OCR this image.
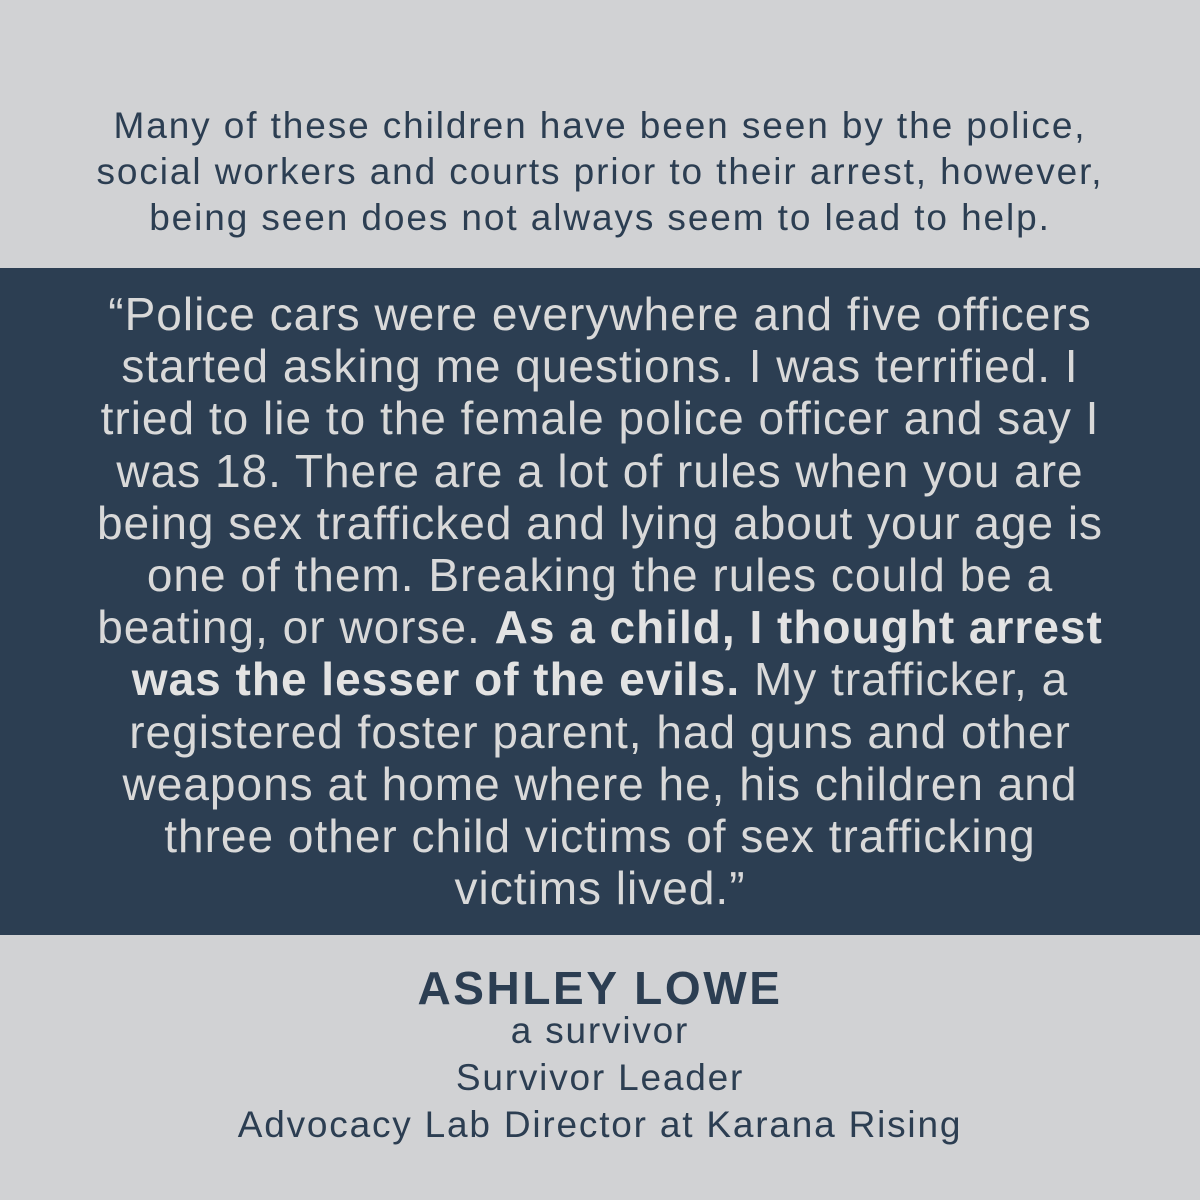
Many of these children have been seen by the police,
social workers and courts prior to their arrest, however,
being seen does not always seem to lead to help.
“Police cars were everywhere and five officers
started asking me questions. I was terrified. I
tried to lie to the female police officer and say I
was 18. There are a lot of rules when you are
being sex trafficked and lying about your age is
one of them. Breaking the rules could be a
beating, or worse. As a child, I thought arrest
was the lesser of the evils. My trafficker, a
registered foster parent, had guns and other
weapons at home where he, his children and
three other child victims of sex trafficking
victims lived.”
ASHLEY LOWE
a survivor
Survivor Leader
Advocacy Lab Director at Karana Rising
